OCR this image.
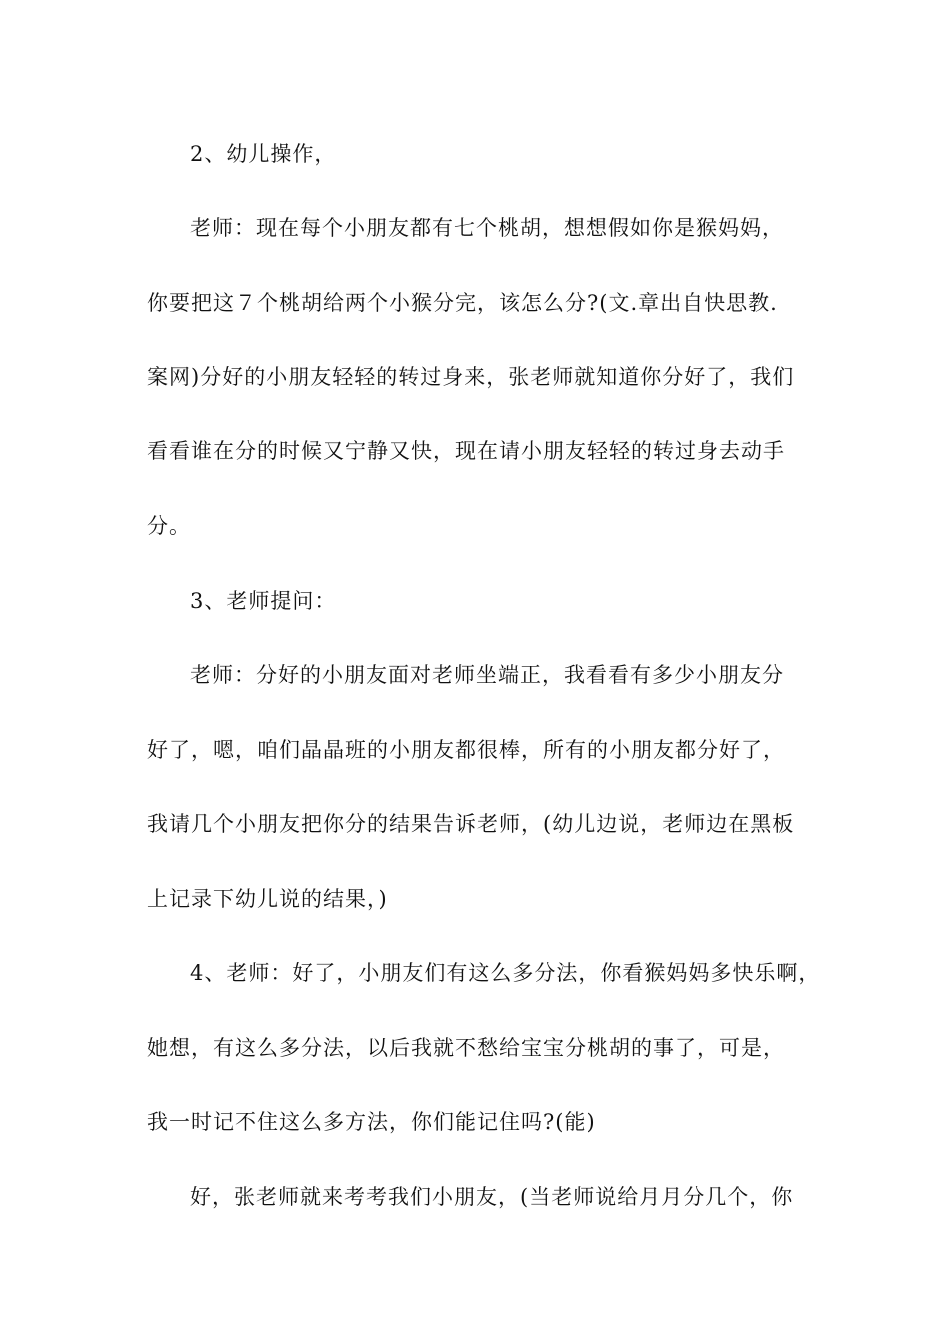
2、幼儿操作，
老师：现在每个小朋友都有七个桃胡，想想假如你是猴妈妈，
你要把这７个桃胡给两个小猴分完，该怎么分?(文.章出自快思教.
案网)分好的小朋友轻轻的转过身来，张老师就知道你分好了，我们
看看谁在分的时候又宁静又快，现在请小朋友轻轻的转过身去动手
分。
3、老师提问：
老师：分好的小朋友面对老师坐端正，我看看有多少小朋友分
好了，嗯，咱们晶晶班的小朋友都很棒，所有的小朋友都分好了，
我请几个小朋友把你分的结果告诉老师，(幼儿边说，老师边在黑板
上记录下幼儿说的结果，)
4、老师：好了，小朋友们有这么多分法，你看猴妈妈多快乐啊，
她想，有这么多分法，以后我就不愁给宝宝分桃胡的事了，可是，
我一时记不住这么多方法，你们能记住吗?(能)
好，张老师就来考考我们小朋友，(当老师说给月月分几个，你
